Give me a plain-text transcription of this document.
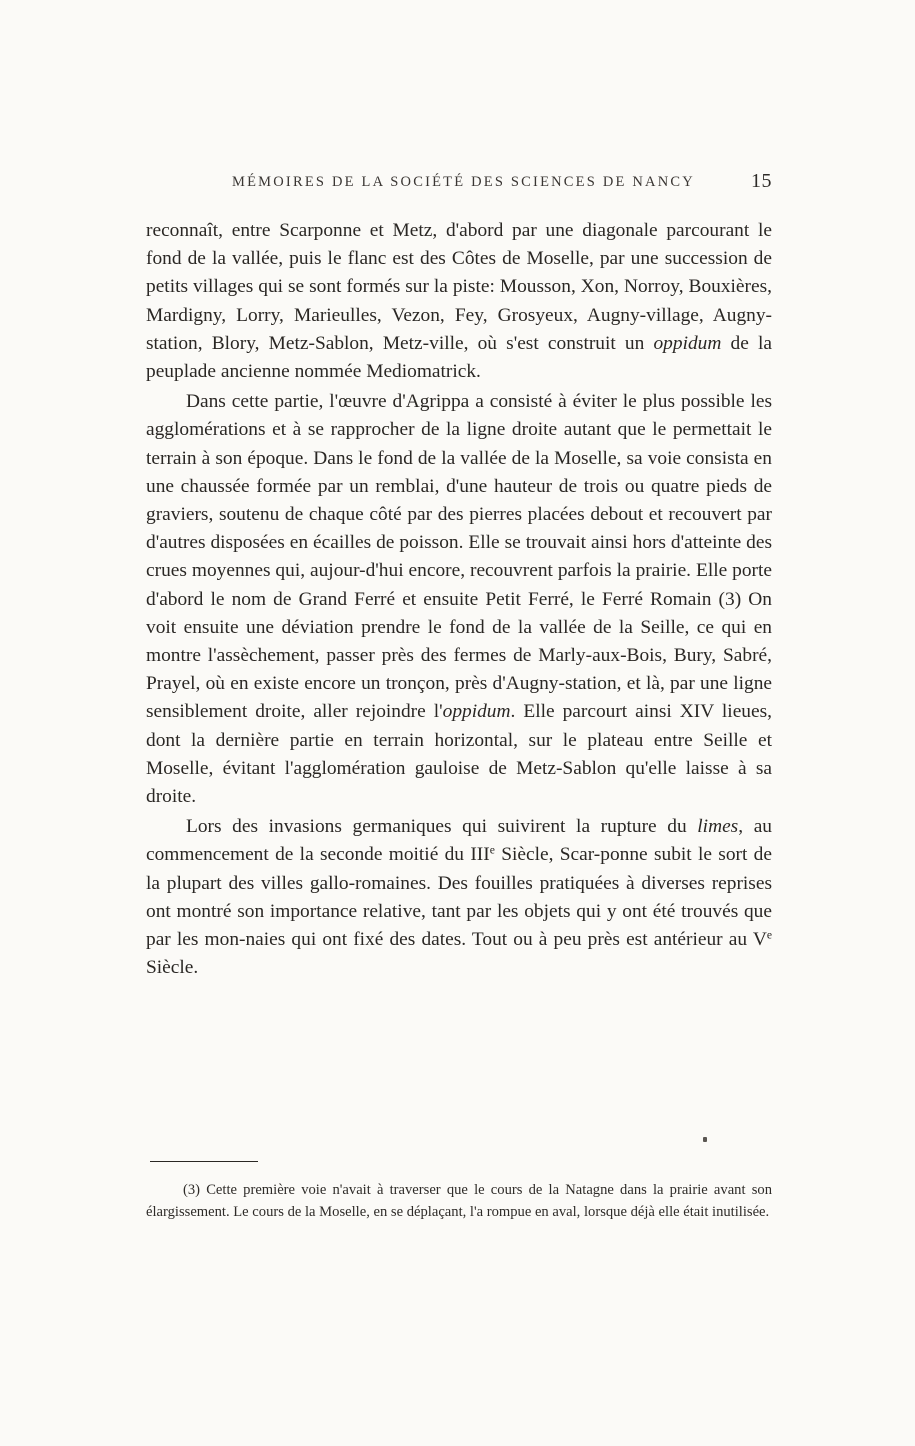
MÉMOIRES DE LA SOCIÉTÉ DES SCIENCES DE NANCY	15

reconnaît, entre Scarponne et Metz, d'abord par une diagonale parcourant le fond de la vallée, puis le flanc est des Côtes de Moselle, par une succession de petits villages qui se sont formés sur la piste: Mousson, Xon, Norroy, Bouxières, Mardigny, Lorry, Marieulles, Vezon, Fey, Grosyeux, Augny-village, Augny-station, Blory, Metz-Sablon, Metz-ville, où s'est construit un oppidum de la peuplade ancienne nommée Mediomatrick.

Dans cette partie, l'œuvre d'Agrippa a consisté à éviter le plus possible les agglomérations et à se rapprocher de la ligne droite autant que le permettait le terrain à son époque. Dans le fond de la vallée de la Moselle, sa voie consista en une chaussée formée par un remblai, d'une hauteur de trois ou quatre pieds de graviers, soutenu de chaque côté par des pierres placées debout et recouvert par d'autres disposées en écailles de poisson. Elle se trouvait ainsi hors d'atteinte des crues moyennes qui, aujour-d'hui encore, recouvrent parfois la prairie. Elle porte d'abord le nom de Grand Ferré et ensuite Petit Ferré, le Ferré Romain (3) On voit ensuite une déviation prendre le fond de la vallée de la Seille, ce qui en montre l'assèchement, passer près des fermes de Marly-aux-Bois, Bury, Sabré, Prayel, où en existe encore un tronçon, près d'Augny-station, et là, par une ligne sensiblement droite, aller rejoindre l'oppidum. Elle parcourt ainsi XIV lieues, dont la dernière partie en terrain horizontal, sur le plateau entre Seille et Moselle, évitant l'agglomération gauloise de Metz-Sablon qu'elle laisse à sa droite.

Lors des invasions germaniques qui suivirent la rupture du limes, au commencement de la seconde moitié du IIIe Siècle, Scar-ponne subit le sort de la plupart des villes gallo-romaines. Des fouilles pratiquées à diverses reprises ont montré son importance relative, tant par les objets qui y ont été trouvés que par les mon-naies qui ont fixé des dates. Tout ou à peu près est antérieur au Ve Siècle.

(3) Cette première voie n'avait à traverser que le cours de la Natagne dans la prairie avant son élargissement. Le cours de la Moselle, en se déplaçant, l'a rompue en aval, lorsque déjà elle était inutilisée.
